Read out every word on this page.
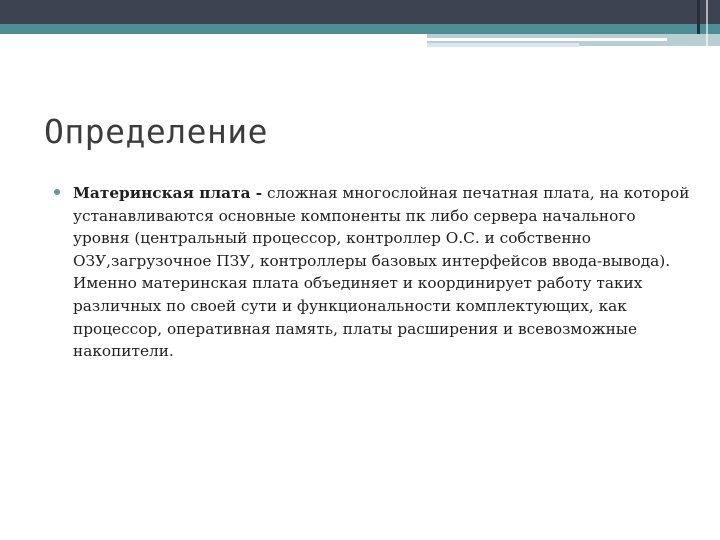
Определение
Материнская плата - сложная многослойная печатная плата, на которой устанавливаются основные компоненты пк либо сервера начального уровня (центральный процессор, контроллер О.С. и собственно ОЗУ,загрузочное ПЗУ, контроллеры базовых интерфейсов ввода-вывода). Именно материнская плата объединяет и координирует работу таких различных по своей сути и функциональности комплектующих, как процессор, оперативная память, платы расширения и всевозможные накопители.
